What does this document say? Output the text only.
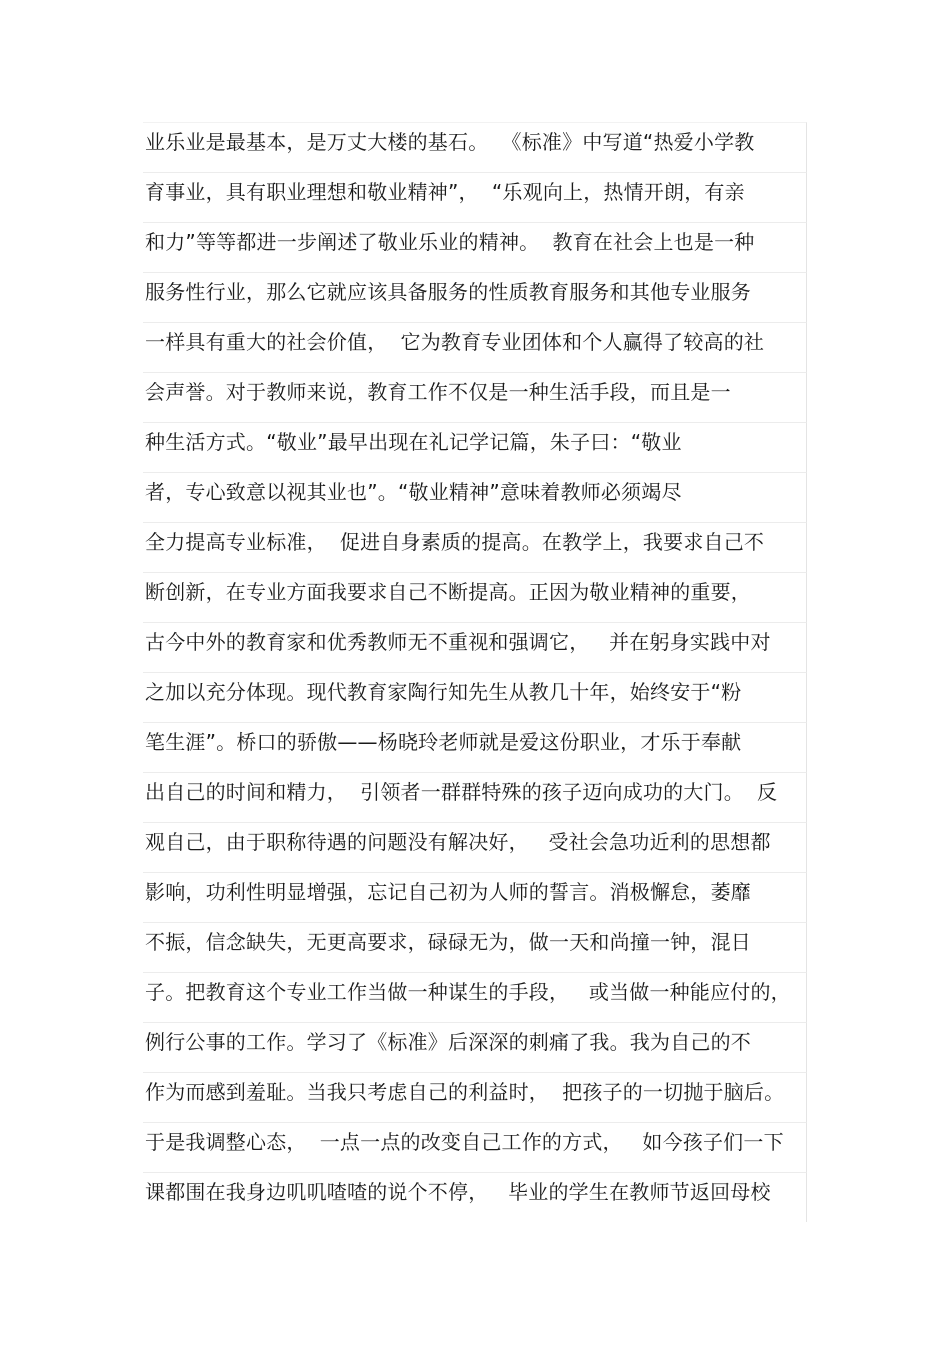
业乐业是最基本，是万丈大楼的基石。  《标准》中写道“热爱小学教
育事业，具有职业理想和敬业精神”，  “乐观向上，热情开朗，有亲
和力”等等都进一步阐述了敬业乐业的精神。  教育在社会上也是一种
服务性行业，那么它就应该具备服务的性质教育服务和其他专业服务
一样具有重大的社会价值，  它为教育专业团体和个人赢得了较高的社
会声誉。对于教师来说，教育工作不仅是一种生活手段，而且是一
种生活方式。“敬业”最早出现在礼记学记篇，朱子曰：“敬业
者，专心致意以视其业也”。“敬业精神”意味着教师必须竭尽
全力提高专业标准，  促进自身素质的提高。在教学上，我要求自己不
断创新，在专业方面我要求自己不断提高。正因为敬业精神的重要，
古今中外的教育家和优秀教师无不重视和强调它，   并在躬身实践中对
之加以充分体现。现代教育家陶行知先生从教几十年，始终安于“粉
笔生涯”。桥口的骄傲——杨晓玲老师就是爱这份职业，才乐于奉献
出自己的时间和精力，  引领者一群群特殊的孩子迈向成功的大门。  反
观自己，由于职称待遇的问题没有解决好，   受社会急功近利的思想都
影响，功利性明显增强，忘记自己初为人师的誓言。消极懈怠，萎靡
不振，信念缺失，无更高要求，碌碌无为，做一天和尚撞一钟，混日
子。把教育这个专业工作当做一种谋生的手段，   或当做一种能应付的，
例行公事的工作。学习了《标准》后深深的刺痛了我。我为自己的不
作为而感到羞耻。当我只考虑自己的利益时，  把孩子的一切抛于脑后。
于是我调整心态，  一点一点的改变自己工作的方式，   如今孩子们一下
课都围在我身边叽叽喳喳的说个不停，   毕业的学生在教师节返回母校
